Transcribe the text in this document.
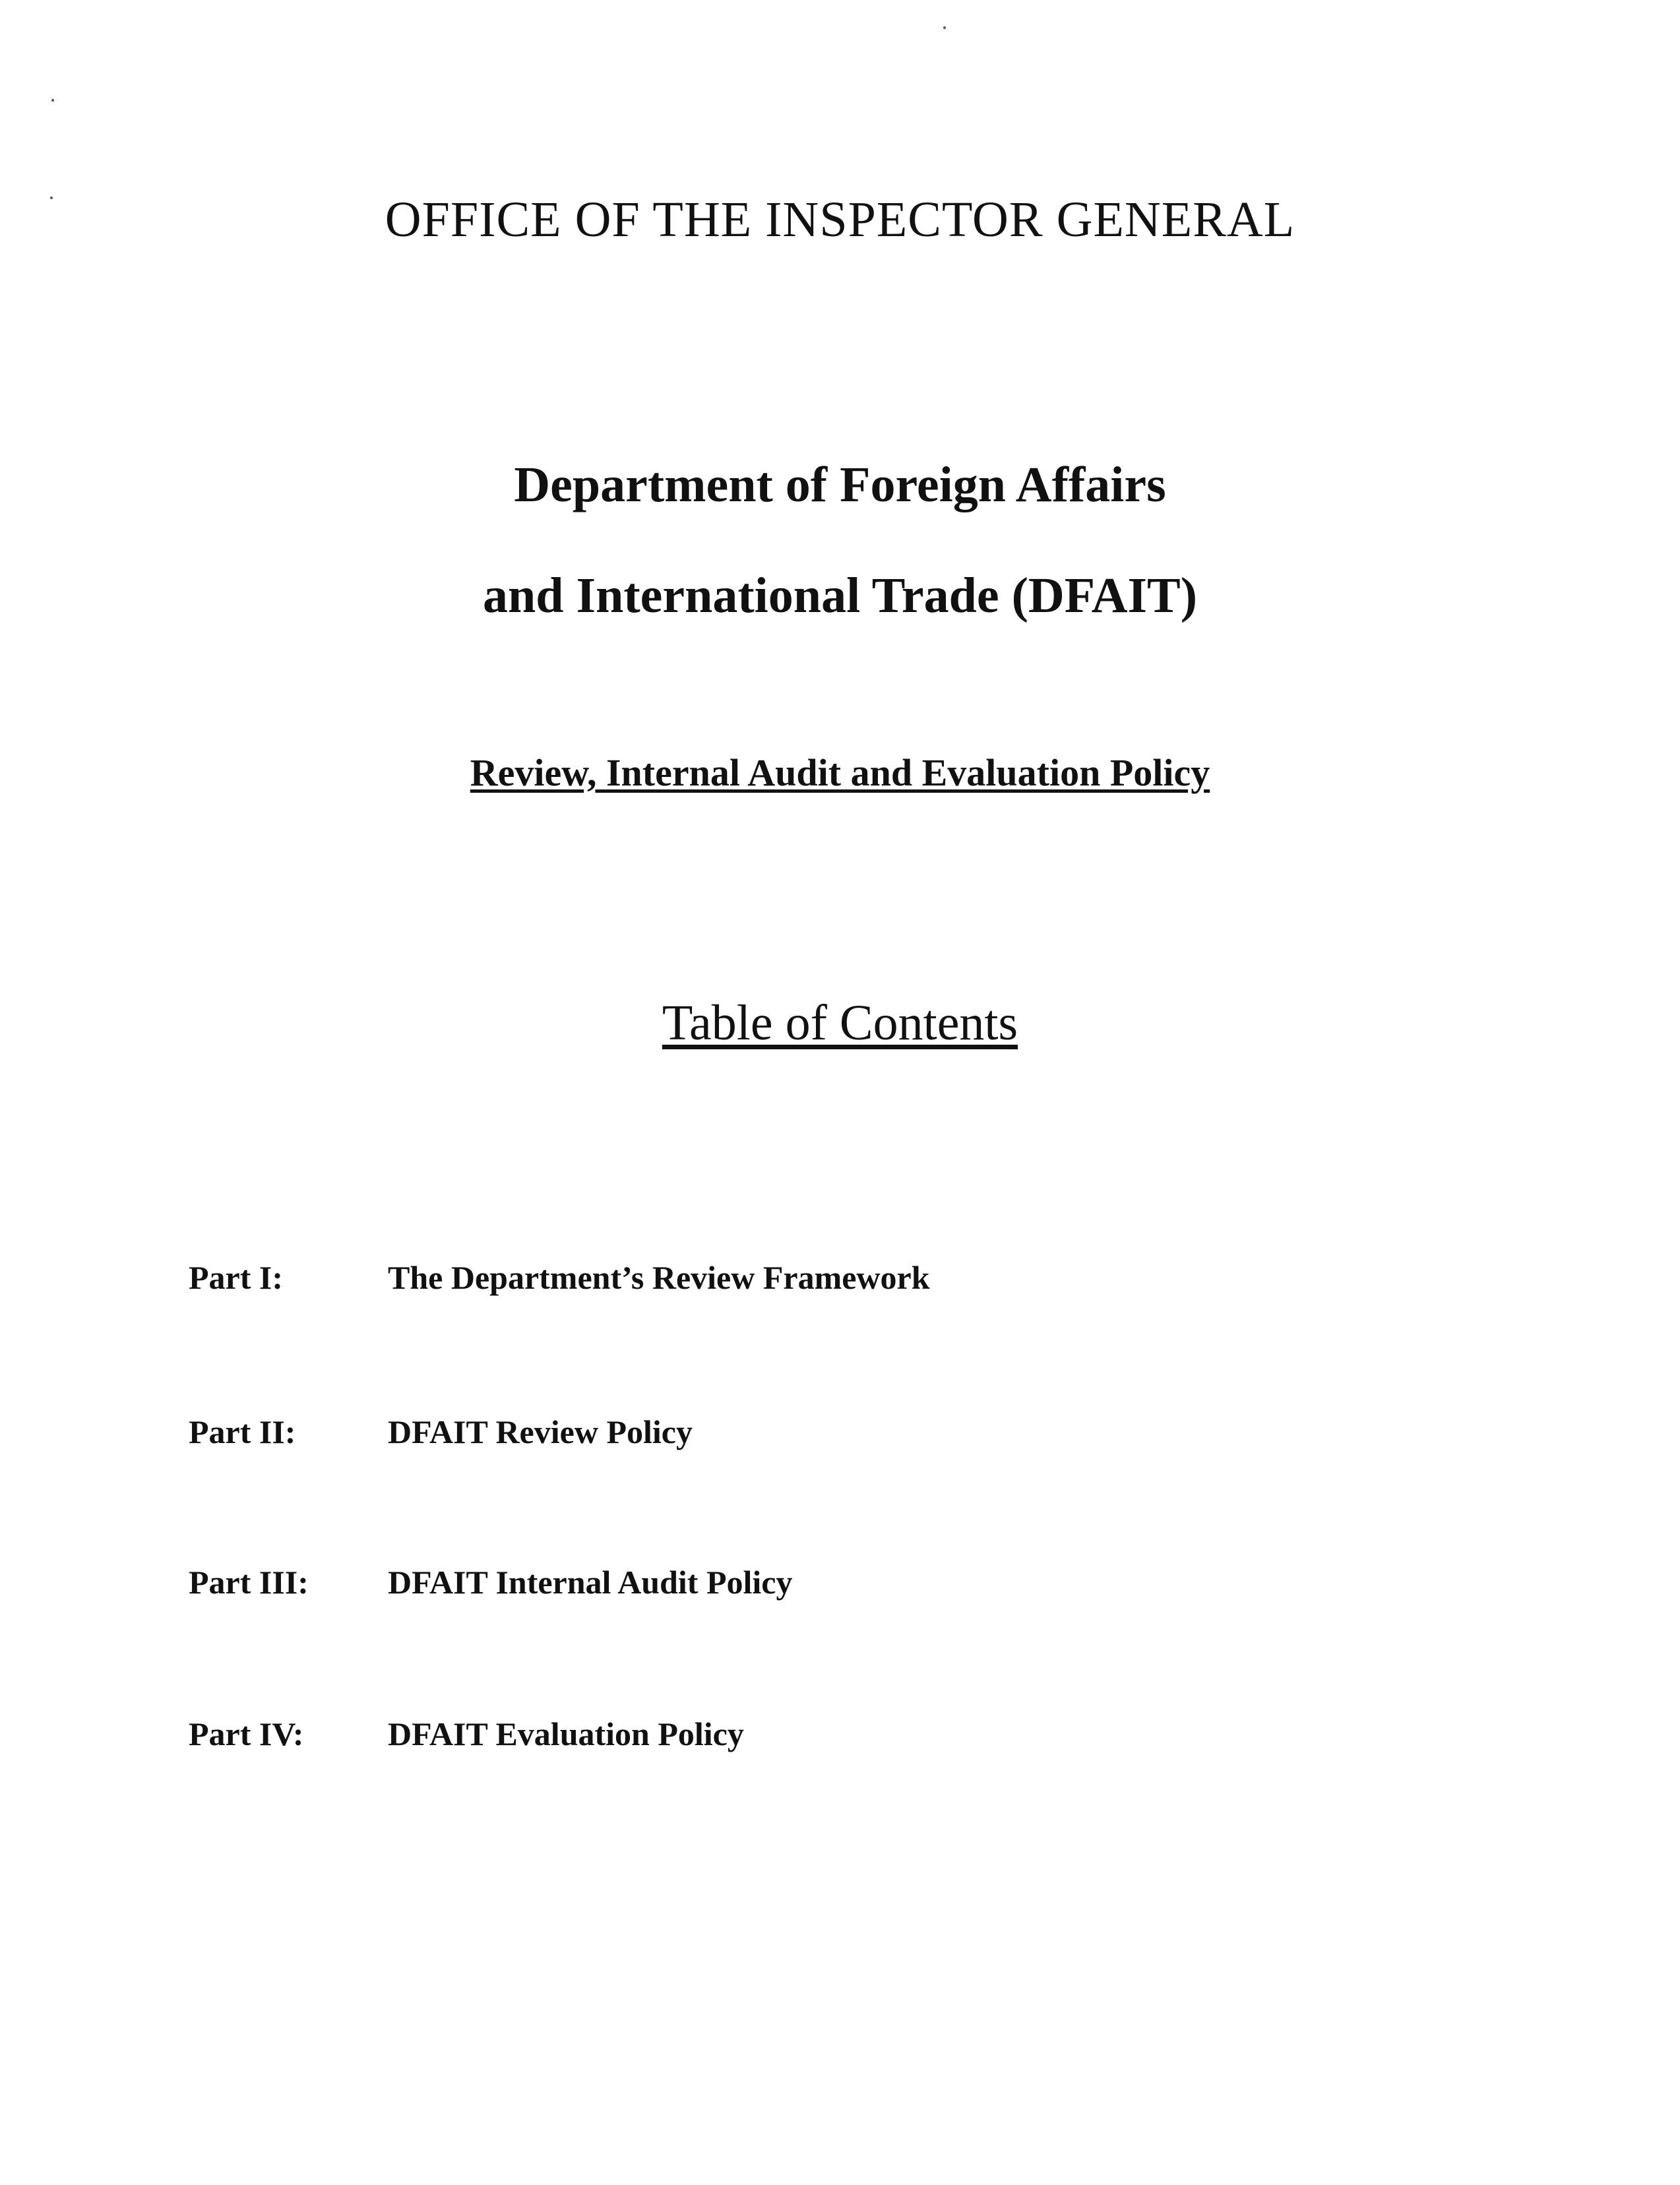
OFFICE OF THE INSPECTOR GENERAL
Department of Foreign Affairs
and International Trade (DFAIT)
Review, Internal Audit and Evaluation Policy
Table of Contents
Part I:	The Department’s Review Framework
Part II:	DFAIT Review Policy
Part III: DFAIT Internal Audit Policy
Part IV:	DFAIT Evaluation Policy
